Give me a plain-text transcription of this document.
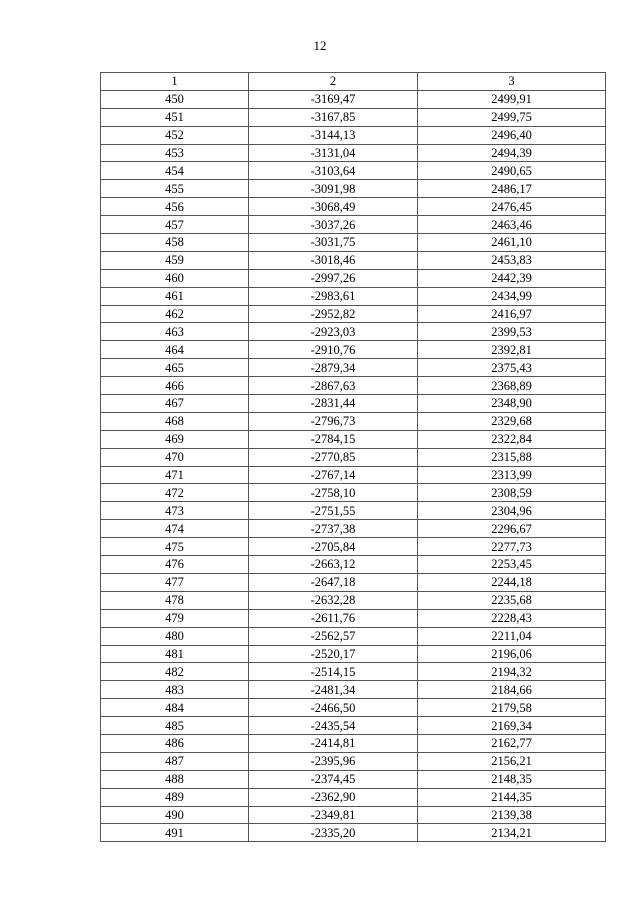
12
1	2	3
450	-3169,47	2499,91
451	-3167,85	2499,75
452	-3144,13	2496,40
453	-3131,04	2494,39
454	-3103,64	2490,65
455	-3091,98	2486,17
456	-3068,49	2476,45
457	-3037,26	2463,46
458	-3031,75	2461,10
459	-3018,46	2453,83
460	-2997,26	2442,39
461	-2983,61	2434,99
462	-2952,82	2416,97
463	-2923,03	2399,53
464	-2910,76	2392,81
465	-2879,34	2375,43
466	-2867,63	2368,89
467	-2831,44	2348,90
468	-2796,73	2329,68
469	-2784,15	2322,84
470	-2770,85	2315,88
471	-2767,14	2313,99
472	-2758,10	2308,59
473	-2751,55	2304,96
474	-2737,38	2296,67
475	-2705,84	2277,73
476	-2663,12	2253,45
477	-2647,18	2244,18
478	-2632,28	2235,68
479	-2611,76	2228,43
480	-2562,57	2211,04
481	-2520,17	2196,06
482	-2514,15	2194,32
483	-2481,34	2184,66
484	-2466,50	2179,58
485	-2435,54	2169,34
486	-2414,81	2162,77
487	-2395,96	2156,21
488	-2374,45	2148,35
489	-2362,90	2144,35
490	-2349,81	2139,38
491	-2335,20	2134,21
